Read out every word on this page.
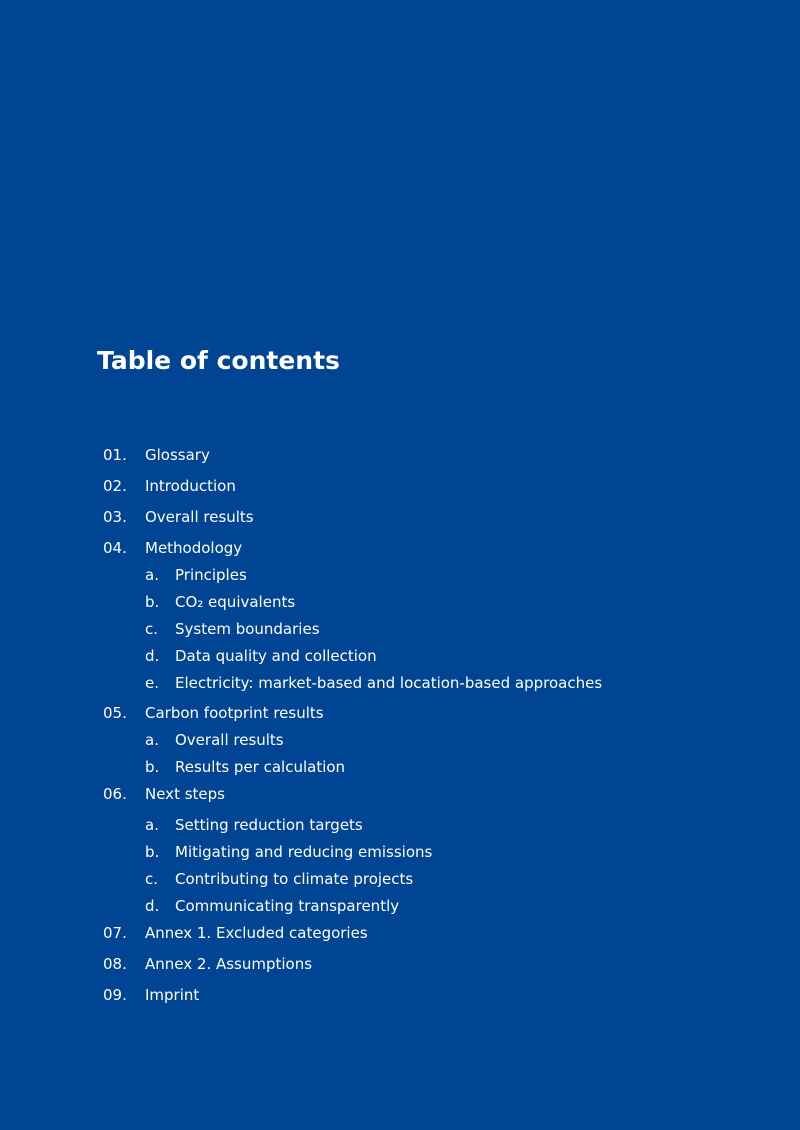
Table of contents
01. Glossary
02. Introduction
03. Overall results
04. Methodology
a. Principles
b. CO₂ equivalents
c. System boundaries
d. Data quality and collection
e. Electricity: market-based and location-based approaches
05. Carbon footprint results
a. Overall results
b. Results per calculation
06. Next steps
a. Setting reduction targets
b. Mitigating and reducing emissions
c. Contributing to climate projects
d. Communicating transparently
07. Annex 1. Excluded categories
08. Annex 2. Assumptions
09. Imprint
